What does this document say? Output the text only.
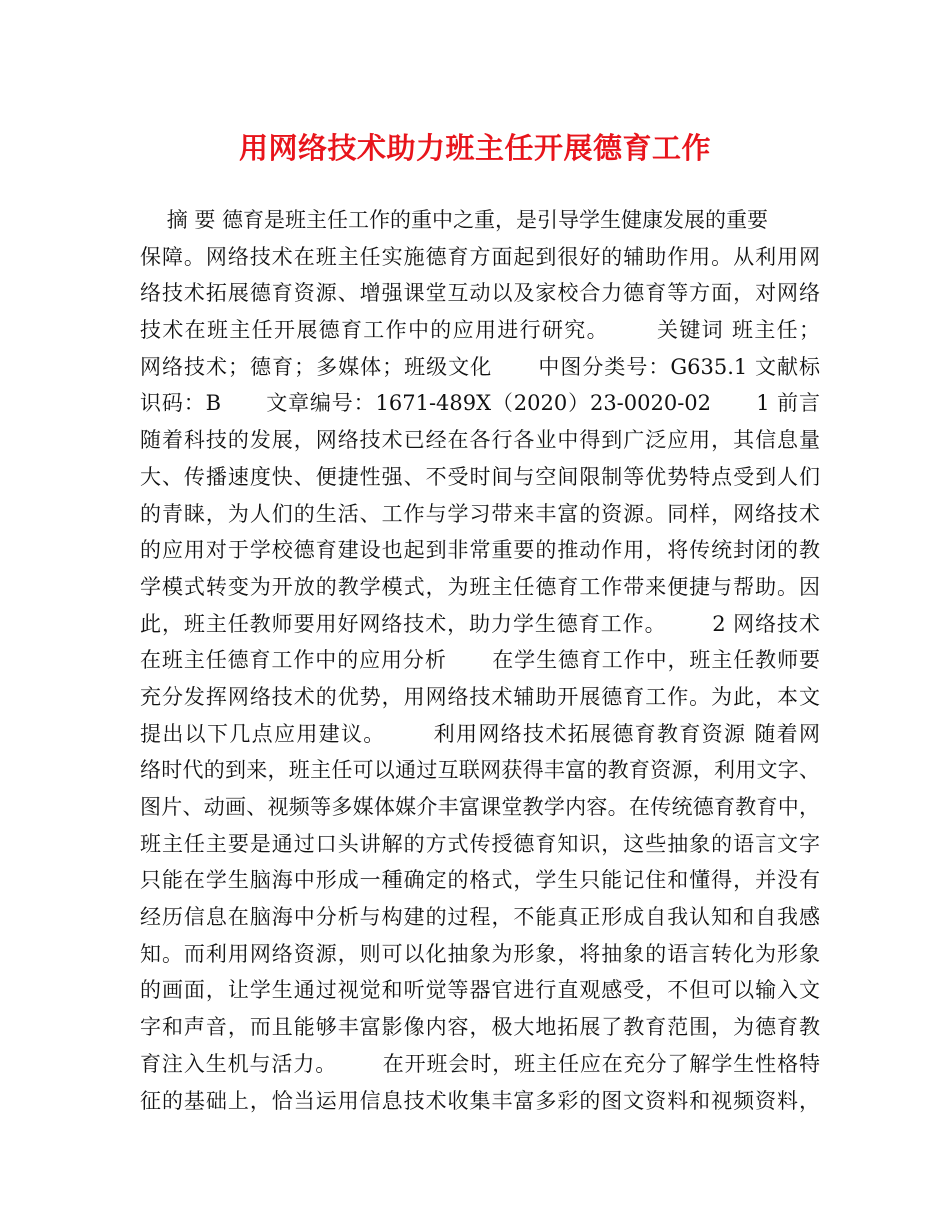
用网络技术助力班主任开展德育工作
摘 要 德育是班主任工作的重中之重，是引导学生健康发展的重要
保障。网络技术在班主任实施德育方面起到很好的辅助作用。从利用网
络技术拓展德育资源、增强课堂互动以及家校合力德育等方面，对网络
技术在班主任开展德育工作中的应用进行研究。      关键词 班主任；
网络技术；德育；多媒体；班级文化      中图分类号：G635.1 文献标
识码：B      文章编号：1671-489X（2020）23-0020-02      1 前言
随着科技的发展，网络技术已经在各行各业中得到广泛应用，其信息量
大、传播速度快、便捷性强、不受时间与空间限制等优势特点受到人们
的青睐，为人们的生活、工作与学习带来丰富的资源。同样，网络技术
的应用对于学校德育建设也起到非常重要的推动作用，将传统封闭的教
学模式转变为开放的教学模式，为班主任德育工作带来便捷与帮助。因
此，班主任教师要用好网络技术，助力学生德育工作。      2 网络技术
在班主任德育工作中的应用分析      在学生德育工作中，班主任教师要
充分发挥网络技术的优势，用网络技术辅助开展德育工作。为此，本文
提出以下几点应用建议。      利用网络技术拓展德育教育资源 随着网
络时代的到来，班主任可以通过互联网获得丰富的教育资源，利用文字、
图片、动画、视频等多媒体媒介丰富课堂教学内容。在传统德育教育中，
班主任主要是通过口头讲解的方式传授德育知识，这些抽象的语言文字
只能在学生脑海中形成一種确定的格式，学生只能记住和懂得，并没有
经历信息在脑海中分析与构建的过程，不能真正形成自我认知和自我感
知。而利用网络资源，则可以化抽象为形象，将抽象的语言转化为形象
的画面，让学生通过视觉和听觉等器官进行直观感受，不但可以输入文
字和声音，而且能够丰富影像内容，极大地拓展了教育范围，为德育教
育注入生机与活力。      在开班会时，班主任应在充分了解学生性格特
征的基础上，恰当运用信息技术收集丰富多彩的图文资料和视频资料，
